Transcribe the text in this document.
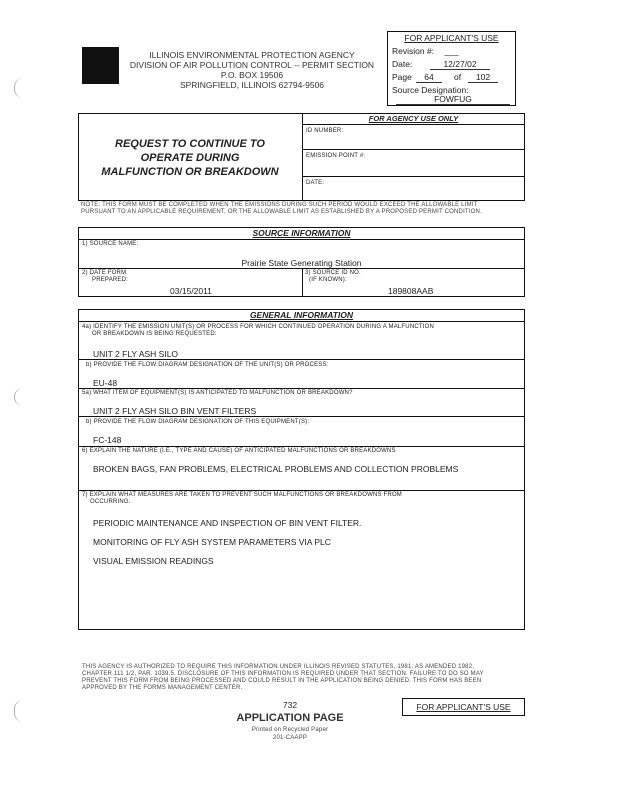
ILLINOIS ENVIRONMENTAL PROTECTION AGENCY
DIVISION OF AIR POLLUTION CONTROL -- PERMIT SECTION
P.O. BOX 19506
SPRINGFIELD, ILLINOIS 62794-9506
FOR APPLICANT'S USE
Revision #: ___
Date:	12/27/02
Page	64	of	102
Source Designation:
FOWFUG
REQUEST TO CONTINUE TO
OPERATE DURING
MALFUNCTION OR BREAKDOWN
FOR AGENCY USE ONLY
ID NUMBER:
EMISSION POINT #:
DATE:
NOTE: THIS FORM MUST BE COMPLETED WHEN THE EMISSIONS DURING SUCH PERIOD WOULD EXCEED THE ALLOWABLE LIMIT
PURSUANT TO AN APPLICABLE REQUIREMENT, OR THE ALLOWABLE LIMIT AS ESTABLISHED BY A PROPOSED PERMIT CONDITION.
SOURCE INFORMATION
1) SOURCE NAME:
Prairie State Generating Station
2) DATE FORM
PREPARED:
03/15/2011
3) SOURCE ID NO.
(IF KNOWN):
189808AAB
GENERAL INFORMATION
4a) IDENTIFY THE EMISSION UNIT(S) OR PROCESS FOR WHICH CONTINUED OPERATION DURING A MALFUNCTION
OR BREAKDOWN IS BEING REQUESTED:
UNIT 2 FLY ASH SILO
b) PROVIDE THE FLOW DIAGRAM DESIGNATION OF THE UNIT(S) OR PROCESS:
EU-48
5a) WHAT ITEM OF EQUIPMENT(S) IS ANTICIPATED TO MALFUNCTION OR BREAKDOWN?
UNIT 2 FLY ASH SILO BIN VENT FILTERS
b) PROVIDE THE FLOW DIAGRAM DESIGNATION OF THIS EQUIPMENT(S):
FC-148
6) EXPLAIN THE NATURE (I.E., TYPE AND CAUSE) OF ANTICIPATED MALFUNCTIONS OR BREAKDOWNS
BROKEN BAGS, FAN PROBLEMS, ELECTRICAL PROBLEMS AND COLLECTION PROBLEMS
7) EXPLAIN WHAT MEASURES ARE TAKEN TO PREVENT SUCH MALFUNCTIONS OR BREAKDOWNS FROM
OCCURRING.
PERIODIC MAINTENANCE AND INSPECTION OF BIN VENT FILTER.
MONITORING OF FLY ASH SYSTEM PARAMETERS VIA PLC
VISUAL EMISSION READINGS
THIS AGENCY IS AUTHORIZED TO REQUIRE THIS INFORMATION UNDER ILLINOIS REVISED STATUTES, 1981, AS AMENDED 1982,
CHAPTER 111 1/2, PAR. 1039.5. DISCLOSURE OF THIS INFORMATION IS REQUIRED UNDER THAT SECTION. FAILURE TO DO SO MAY
PREVENT THIS FORM FROM BEING PROCESSED AND COULD RESULT IN THE APPLICATION BEING DENIED. THIS FORM HAS BEEN
APPROVED BY THE FORMS MANAGEMENT CENTER.
732
APPLICATION PAGE
Printed on Recycled Paper
201-CAAPP
FOR APPLICANT'S USE
